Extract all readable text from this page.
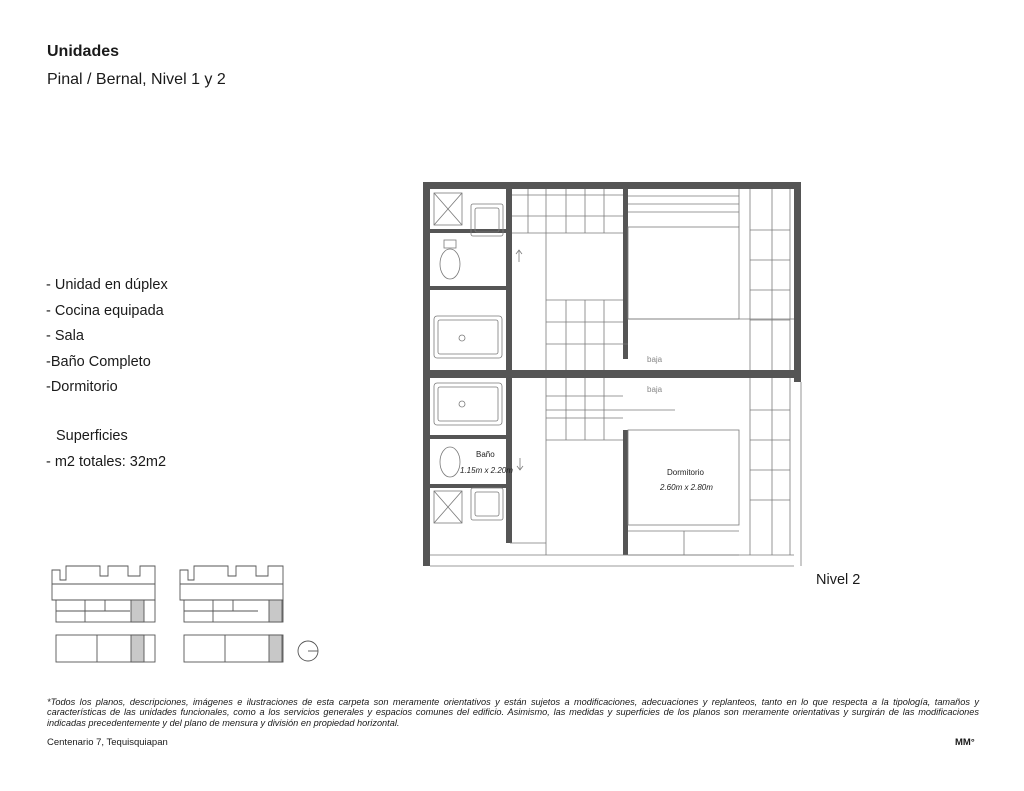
Unidades
Pinal / Bernal, Nivel 1 y 2
- Unidad en dúplex
- Cocina equipada
- Sala
-Baño Completo
-Dormitorio
Superficies
- m2 totales: 32m2	Baño
1.15m x 2.20m	Dormitorio
2.60m x 2.80m
baja
baja
Nivel 2
*Todos los planos, descripciones, imágenes e ilustraciones de esta carpeta son meramente orientativos y están sujetos a modificaciones, adecuaciones y replanteos, tanto en lo que respecta a la tipología, tamaños y características de las unidades funcionales, como a los servicios generales y espacios comunes del edificio. Asimismo, las medidas y superficies de los planos son meramente orientativas y surgirán de las modificaciones indicadas precedentemente y del plano de mensura y división en propiedad horizontal.
Centenario 7, Tequisquiapan	MM°
